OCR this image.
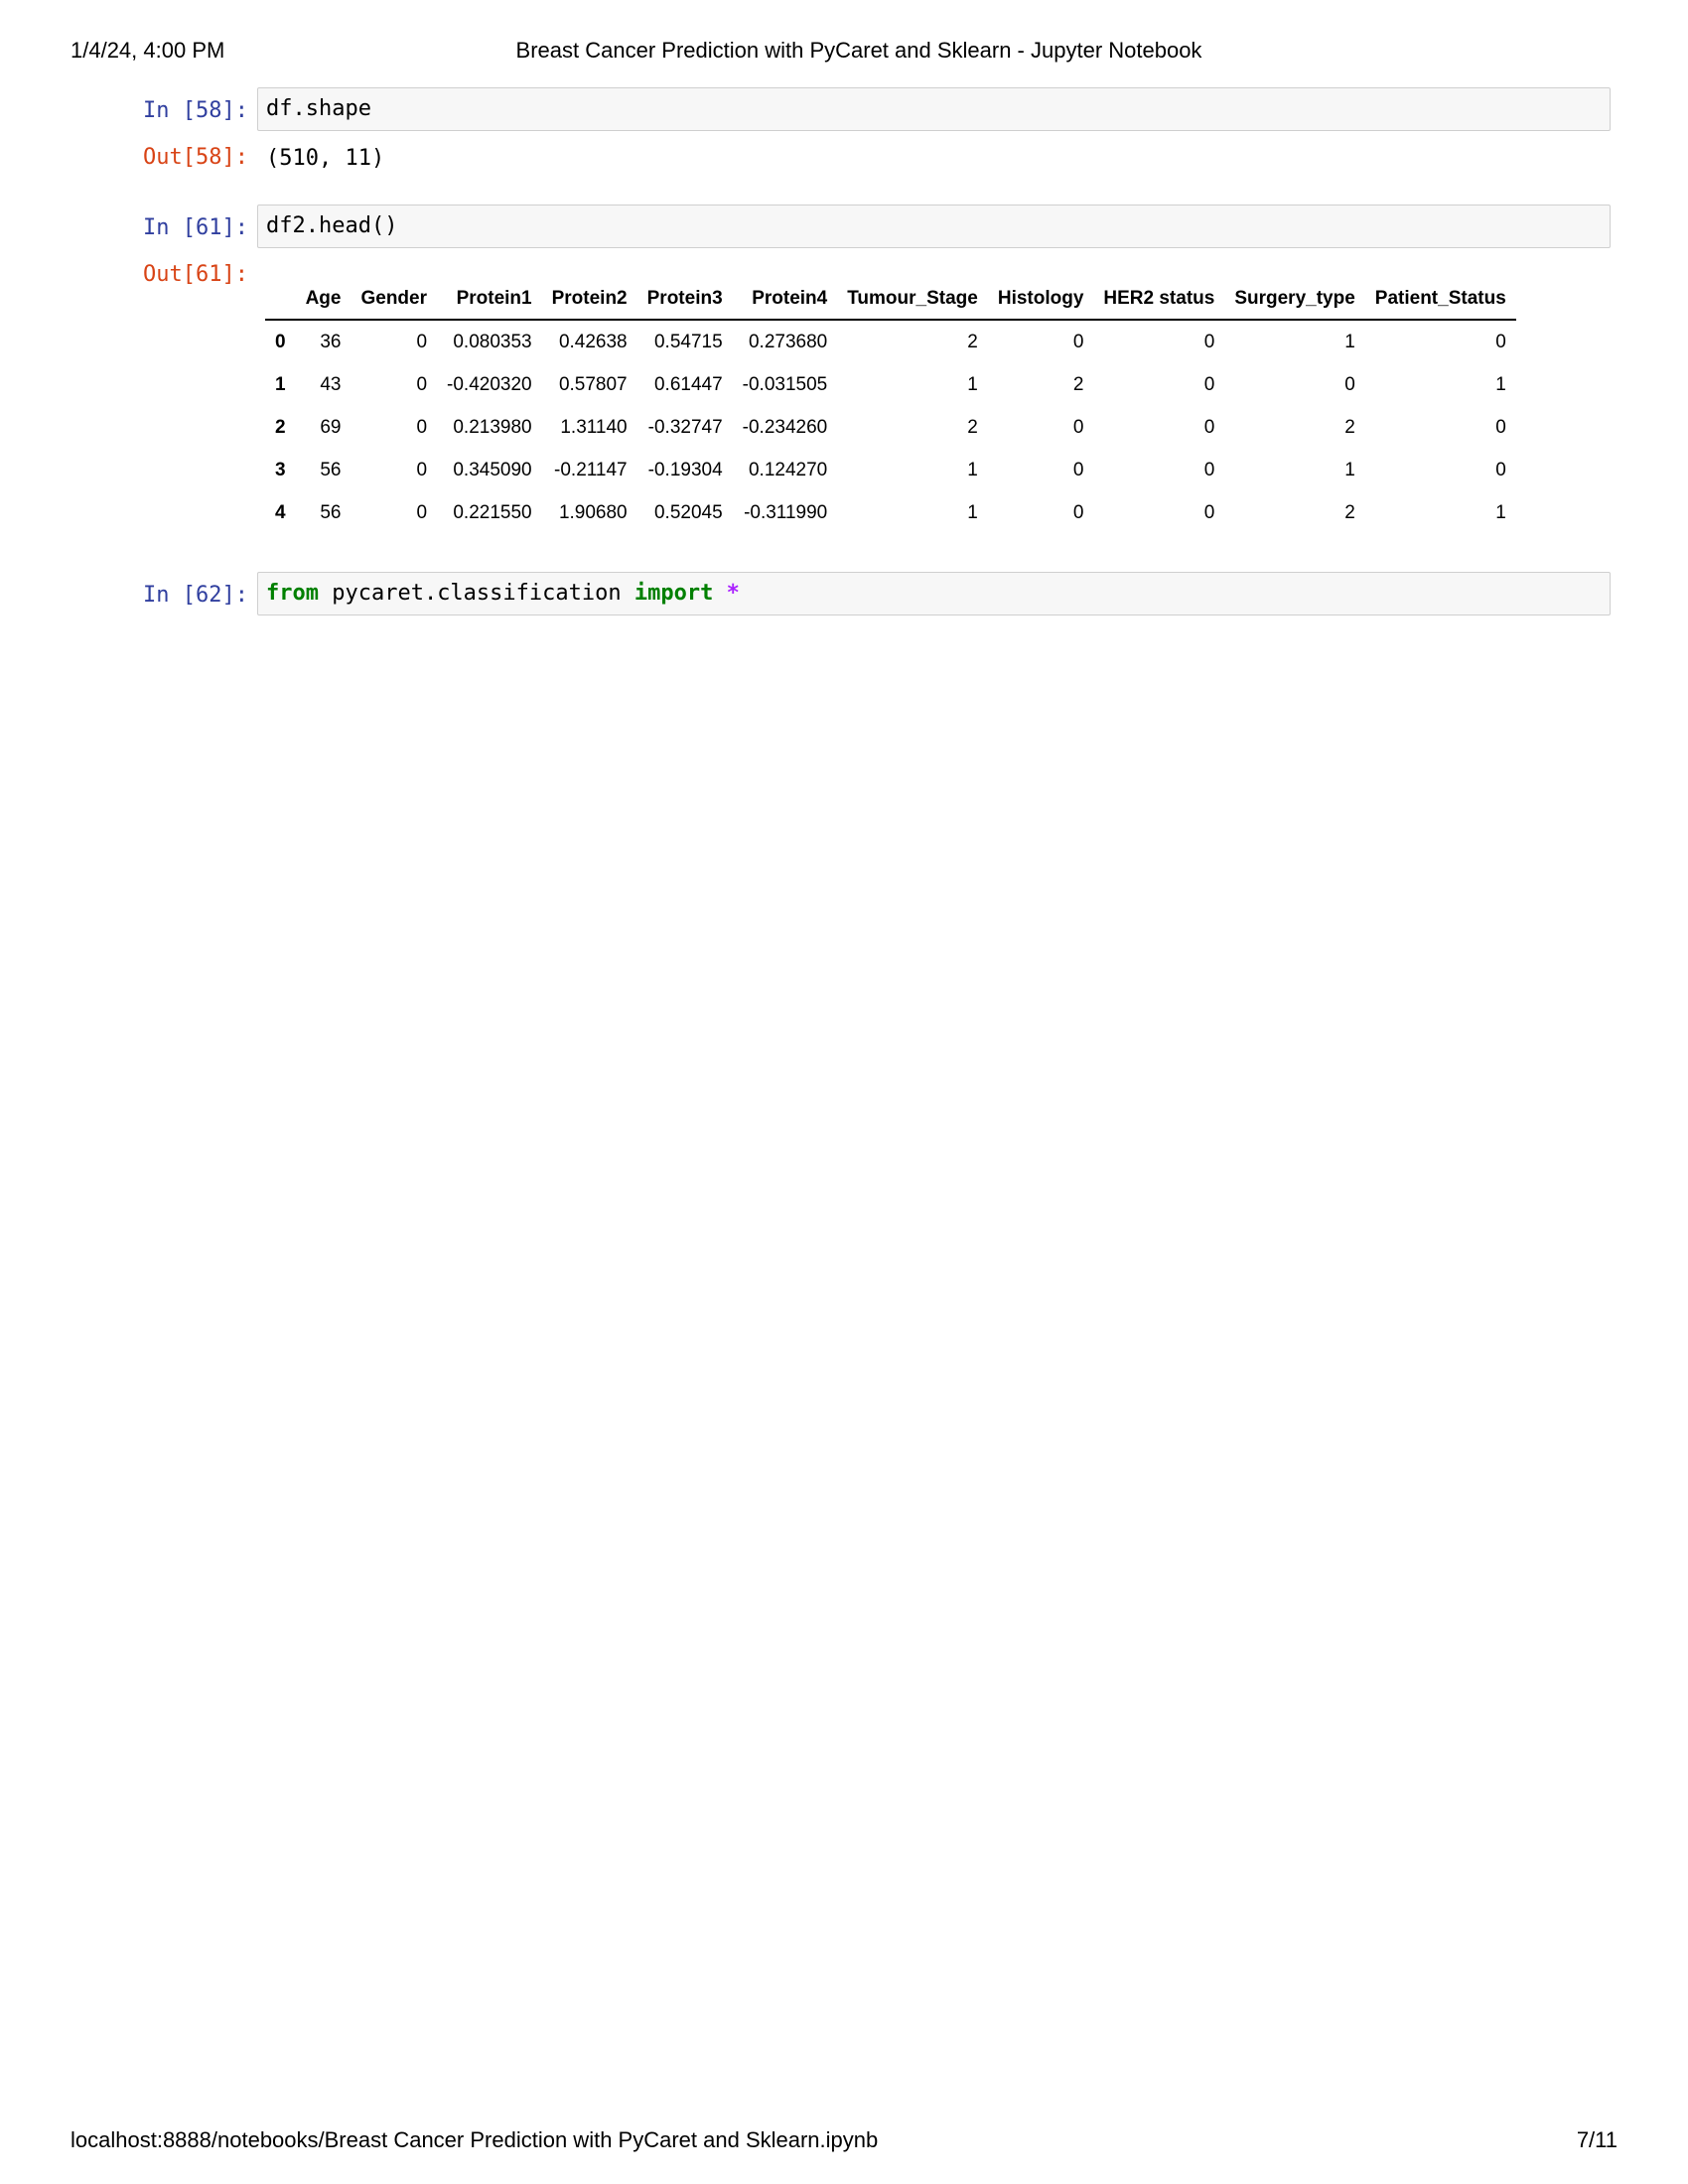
1/4/24, 4:00 PM	Breast Cancer Prediction with PyCaret and Sklearn - Jupyter Notebook
In [58]: df.shape
Out[58]: (510, 11)
In [61]: df2.head()
Out[61]:
	Age	Gender	Protein1	Protein2	Protein3	Protein4	Tumour_Stage	Histology	HER2 status	Surgery_type	Patient_Status
0	36	0	0.080353	0.42638	0.54715	0.273680	2	0	0	1	0
1	43	0	-0.420320	0.57807	0.61447	-0.031505	1	2	0	0	1
2	69	0	0.213980	1.31140	-0.32747	-0.234260	2	0	0	2	0
3	56	0	0.345090	-0.21147	-0.19304	0.124270	1	0	0	1	0
4	56	0	0.221550	1.90680	0.52045	-0.311990	1	0	0	2	1
In [62]: from pycaret.classification import *
localhost:8888/notebooks/Breast Cancer Prediction with PyCaret and Sklearn.ipynb	7/11
